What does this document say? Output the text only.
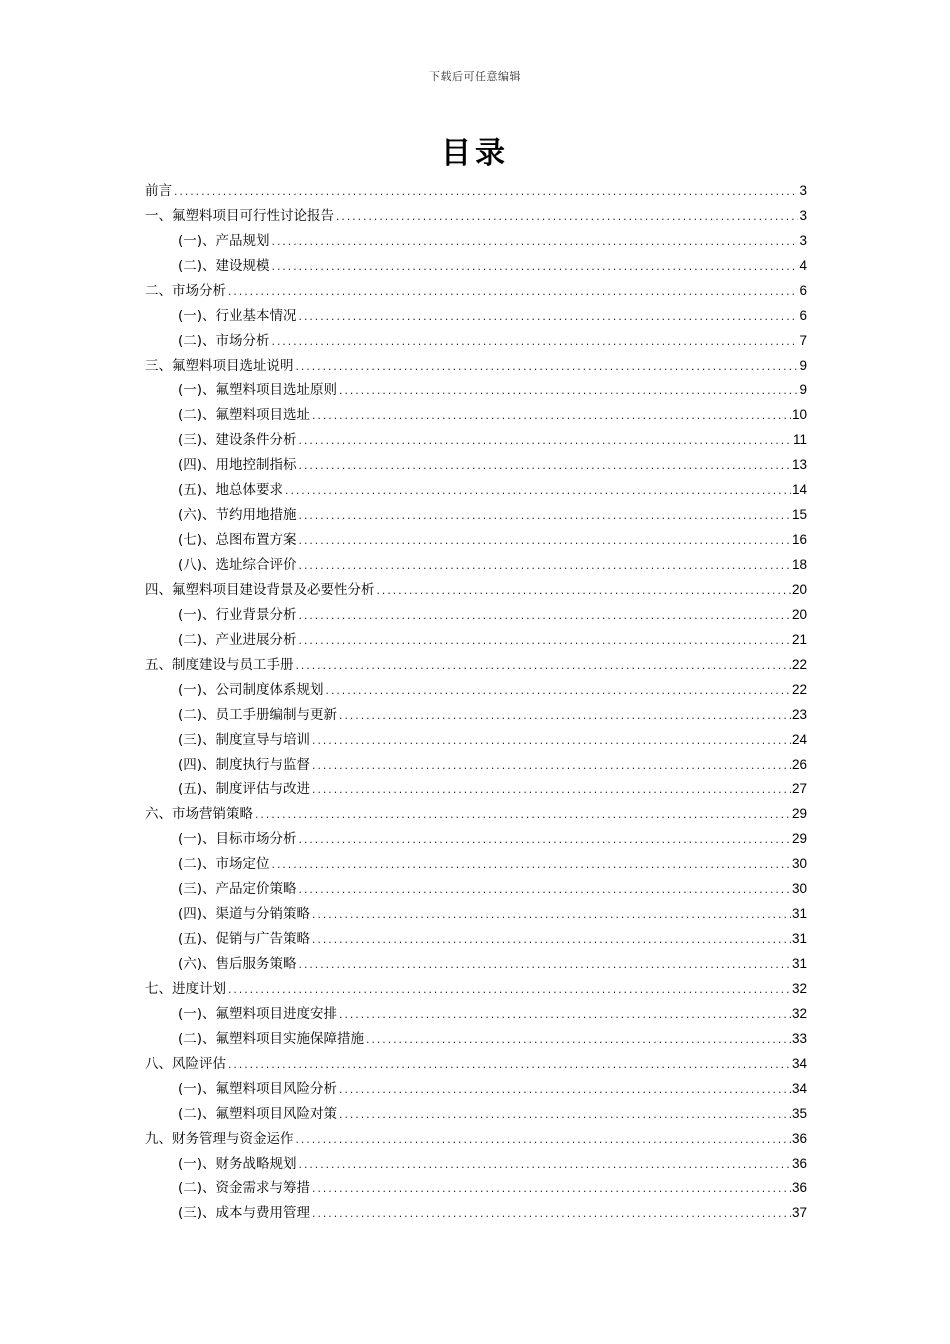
下载后可任意编辑
目录
前言 .....	3
一、氟塑料项目可行性讨论报告 .....	3
(一)、产品规划 .....	3
(二)、建设规模 .....	4
二、市场分析 .....	6
(一)、行业基本情况 .....	6
(二)、市场分析 .....	7
三、氟塑料项目选址说明 .....	9
(一)、氟塑料项目选址原则 .....	9
(二)、氟塑料项目选址 .....	10
(三)、建设条件分析 .....	11
(四)、用地控制指标 .....	13
(五)、地总体要求 .....	14
(六)、节约用地措施 .....	15
(七)、总图布置方案 .....	16
(八)、选址综合评价 .....	18
四、氟塑料项目建设背景及必要性分析 .....	20
(一)、行业背景分析 .....	20
(二)、产业进展分析 .....	21
五、制度建设与员工手册 .....	22
(一)、公司制度体系规划 .....	22
(二)、员工手册编制与更新 .....	23
(三)、制度宣导与培训 .....	24
(四)、制度执行与监督 .....	26
(五)、制度评估与改进 .....	27
六、市场营销策略 .....	29
(一)、目标市场分析 .....	29
(二)、市场定位 .....	30
(三)、产品定价策略 .....	30
(四)、渠道与分销策略 .....	31
(五)、促销与广告策略 .....	31
(六)、售后服务策略 .....	31
七、进度计划 .....	32
(一)、氟塑料项目进度安排 .....	32
(二)、氟塑料项目实施保障措施 .....	33
八、风险评估 .....	34
(一)、氟塑料项目风险分析 .....	34
(二)、氟塑料项目风险对策 .....	35
九、财务管理与资金运作 .....	36
(一)、财务战略规划 .....	36
(二)、资金需求与筹措 .....	36
(三)、成本与费用管理 .....	37
